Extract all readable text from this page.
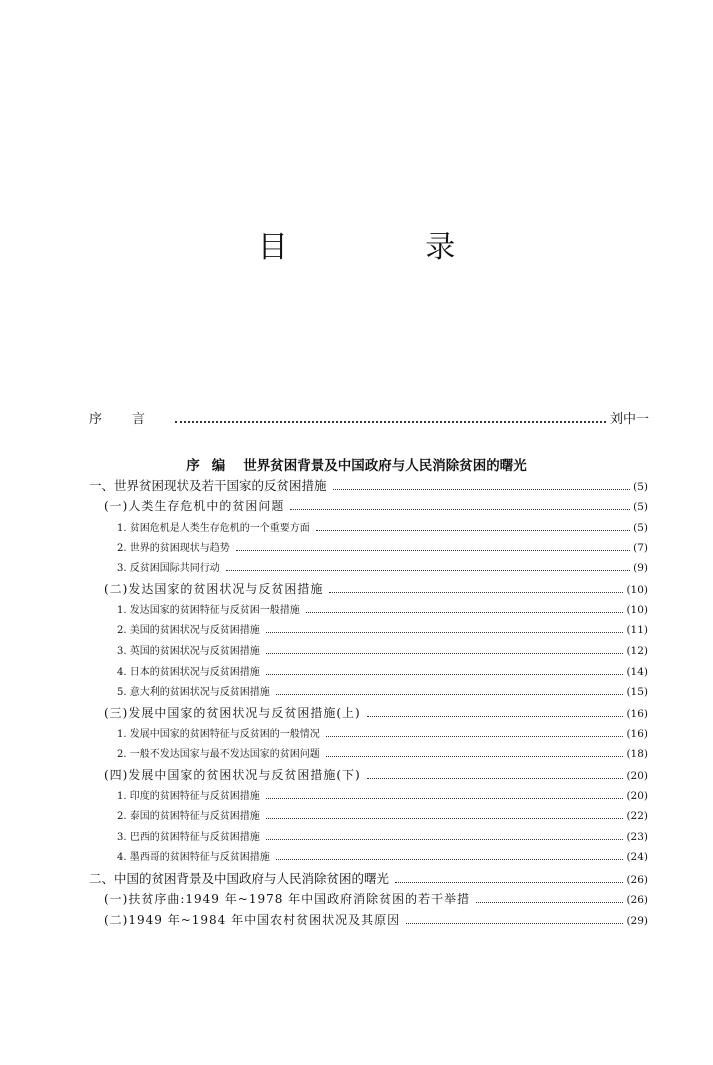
目 录
序言	刘中一
序编 世界贫困背景及中国政府与人民消除贫困的曙光
一、世界贫困现状及若干国家的反贫困措施	(5)
(一)人类生存危机中的贫困问题	(5)
1. 贫困危机是人类生存危机的一个重要方面	(5)
2. 世界的贫困现状与趋势	(7)
3. 反贫困国际共同行动	(9)
(二)发达国家的贫困状况与反贫困措施	(10)
1. 发达国家的贫困特征与反贫困一般措施	(10)
2. 美国的贫困状况与反贫困措施	(11)
3. 英国的贫困状况与反贫困措施	(12)
4. 日本的贫困状况与反贫困措施	(14)
5. 意大利的贫困状况与反贫困措施	(15)
(三)发展中国家的贫困状况与反贫困措施(上)	(16)
1. 发展中国家的贫困特征与反贫困的一般情况	(16)
2. 一般不发达国家与最不发达国家的贫困问题	(18)
(四)发展中国家的贫困状况与反贫困措施(下)	(20)
1. 印度的贫困特征与反贫困措施	(20)
2. 泰国的贫困特征与反贫困措施	(22)
3. 巴西的贫困特征与反贫困措施	(23)
4. 墨西哥的贫困特征与反贫困措施	(24)
二、中国的贫困背景及中国政府与人民消除贫困的曙光	(26)
(一)扶贫序曲:1949 年~1978 年中国政府消除贫困的若干举措	(26)
(二)1949 年~1984 年中国农村贫困状况及其原因	(29)
